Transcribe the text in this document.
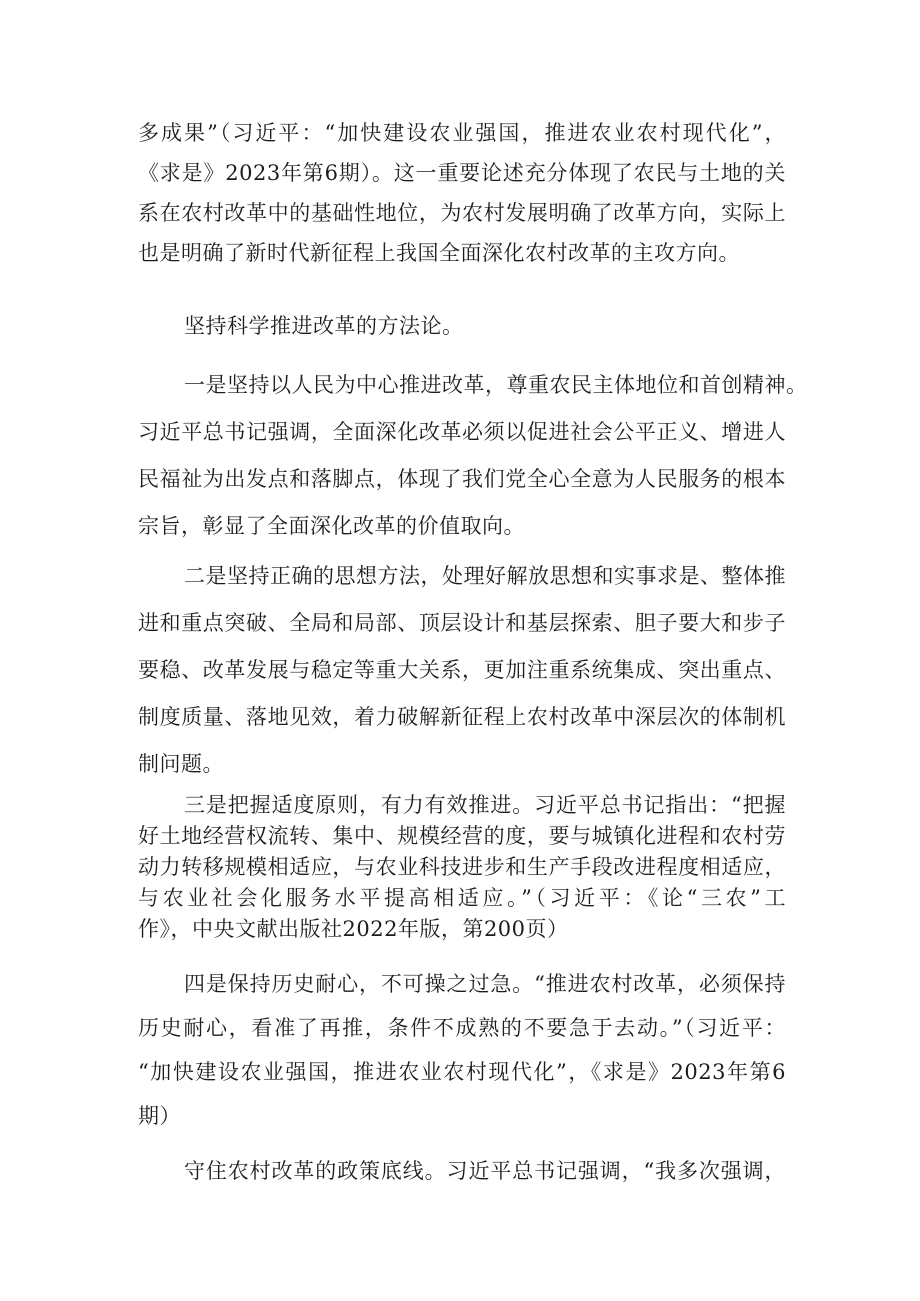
多成果”（习近平：“加快建设农业强国，推进农业农村现代化”，
《求是》2023年第6期）。这一重要论述充分体现了农民与土地的关
系在农村改革中的基础性地位，为农村发展明确了改革方向，实际上
也是明确了新时代新征程上我国全面深化农村改革的主攻方向。
坚持科学推进改革的方法论。
一是坚持以人民为中心推进改革，尊重农民主体地位和首创精神。
习近平总书记强调，全面深化改革必须以促进社会公平正义、增进人
民福祉为出发点和落脚点，体现了我们党全心全意为人民服务的根本
宗旨，彰显了全面深化改革的价值取向。
二是坚持正确的思想方法，处理好解放思想和实事求是、整体推
进和重点突破、全局和局部、顶层设计和基层探索、胆子要大和步子
要稳、改革发展与稳定等重大关系，更加注重系统集成、突出重点、
制度质量、落地见效，着力破解新征程上农村改革中深层次的体制机
制问题。
三是把握适度原则，有力有效推进。习近平总书记指出：“把握
好土地经营权流转、集中、规模经营的度，要与城镇化进程和农村劳
动力转移规模相适应，与农业科技进步和生产手段改进程度相适应，
与农业社会化服务水平提高相适应。”（习近平：《论“三农”工
作》，中央文献出版社2022年版，第200页）
四是保持历史耐心，不可操之过急。“推进农村改革，必须保持
历史耐心，看准了再推，条件不成熟的不要急于去动。”（习近平：
“加快建设农业强国，推进农业农村现代化”，《求是》2023年第6
期）
守住农村改革的政策底线。习近平总书记强调，“我多次强调，
